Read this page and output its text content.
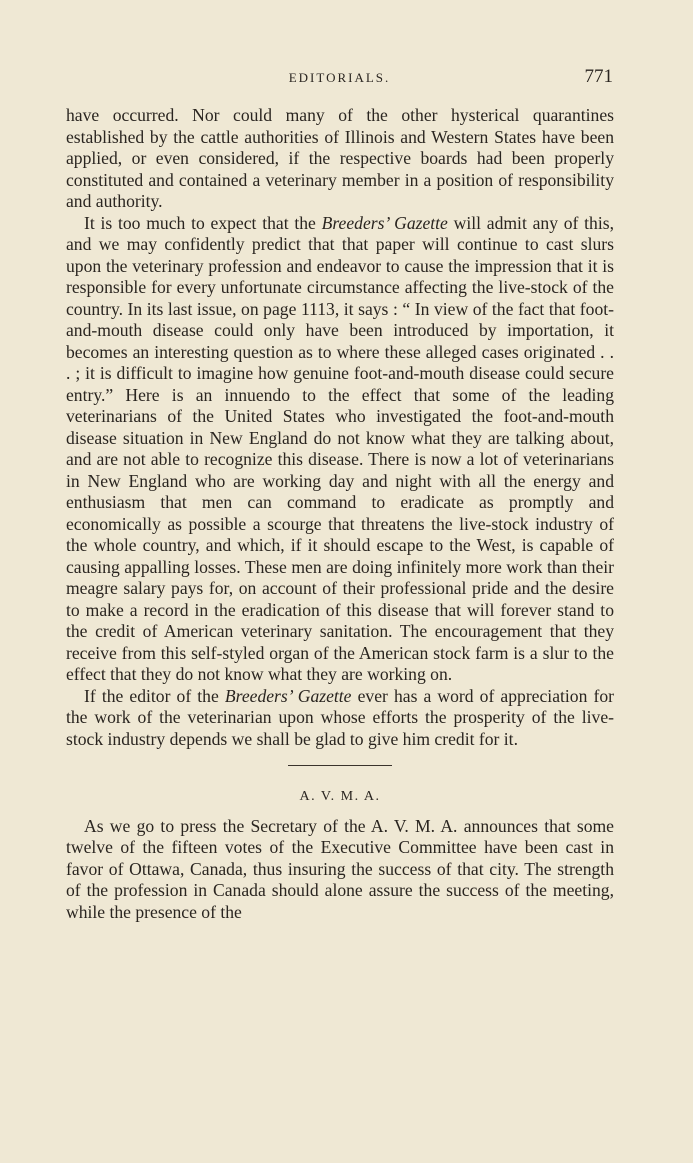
EDITORIALS.	771

have occurred. Nor could many of the other hysterical quarantines established by the cattle authorities of Illinois and Western States have been applied, or even considered, if the respective boards had been properly constituted and contained a veterinary member in a position of responsibility and authority.

It is too much to expect that the Breeders’ Gazette will admit any of this, and we may confidently predict that that paper will continue to cast slurs upon the veterinary profession and endeavor to cause the impression that it is responsible for every unfortunate circumstance affecting the live-stock of the country. In its last issue, on page 1113, it says : “ In view of the fact that foot-and-mouth disease could only have been introduced by importation, it becomes an interesting question as to where these alleged cases originated . . . ; it is difficult to imagine how genuine foot-and-mouth disease could secure entry.” Here is an innuendo to the effect that some of the leading veterinarians of the United States who investigated the foot-and-mouth disease situation in New England do not know what they are talking about, and are not able to recognize this disease. There is now a lot of veterinarians in New England who are working day and night with all the energy and enthusiasm that men can command to eradicate as promptly and economically as possible a scourge that threatens the live-stock industry of the whole country, and which, if it should escape to the West, is capable of causing appalling losses. These men are doing infinitely more work than their meagre salary pays for, on account of their professional pride and the desire to make a record in the eradication of this disease that will forever stand to the credit of American veterinary sanitation. The encouragement that they receive from this self-styled organ of the American stock farm is a slur to the effect that they do not know what they are working on.

If the editor of the Breeders’ Gazette ever has a word of appreciation for the work of the veterinarian upon whose efforts the prosperity of the live-stock industry depends we shall be glad to give him credit for it.

A. V. M. A.

As we go to press the Secretary of the A. V. M. A. announces that some twelve of the fifteen votes of the Executive Committee have been cast in favor of Ottawa, Canada, thus insuring the success of that city. The strength of the profession in Canada should alone assure the success of the meeting, while the presence of the
